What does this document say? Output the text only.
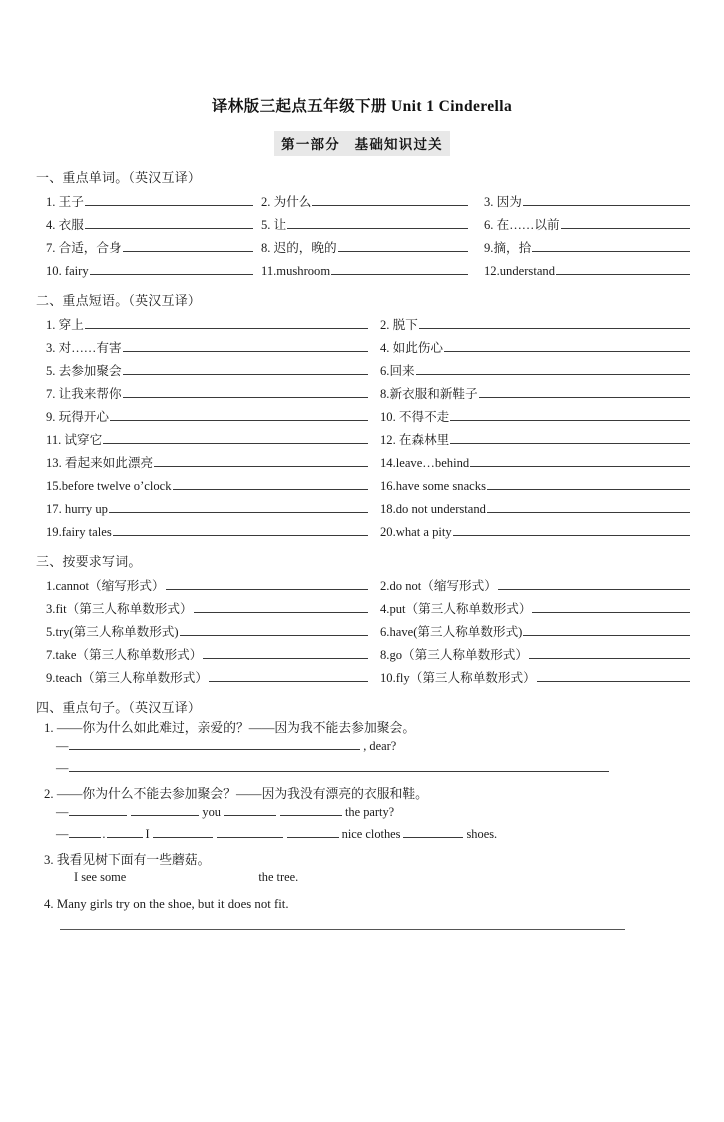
译林版三起点五年级下册 Unit 1 Cinderella
第一部分　基础知识过关
一、重点单词。（英汉互译）
1. 王子	2. 为什么	3. 因为
4. 衣服	5. 让	6. 在……以前
7. 合适，合身	8. 迟的，晚的	9.摘，拾
10. fairy	11.mushroom	12.understand
二、重点短语。（英汉互译）
1. 穿上	2. 脱下
3. 对……有害	4. 如此伤心
5. 去参加聚会	6.回来
7. 让我来帮你	8.新衣服和新鞋子
9. 玩得开心	10. 不得不走
11. 试穿它	12. 在森林里
13. 看起来如此漂亮	14.leave…behind
15.before twelve o’clock	16.have some snacks
17. hurry up	18.do not understand
19.fairy tales	20.what a pity
三、按要求写词。
1.cannot（缩写形式）	2.do not（缩写形式）
3.fit（第三人称单数形式）	4.put（第三人称单数形式）
5.try(第三人称单数形式)	6.have(第三人称单数形式)
7.take（第三人称单数形式）	8.go（第三人称单数形式）
9.teach（第三人称单数形式）	10.fly（第三人称单数形式）
四、重点句子。（英汉互译）
1. ——你为什么如此难过，亲爱的？——因为我不能去参加聚会。
—	, dear?
—
2. ——你为什么不能去参加聚会？——因为我没有漂亮的衣服和鞋。
—	you	the party?
—	.	I	nice clothes	shoes.
3. 我看见树下面有一些蘑菇。
I see some	the tree.
4. Many girls try on the shoe, but it does not fit.
